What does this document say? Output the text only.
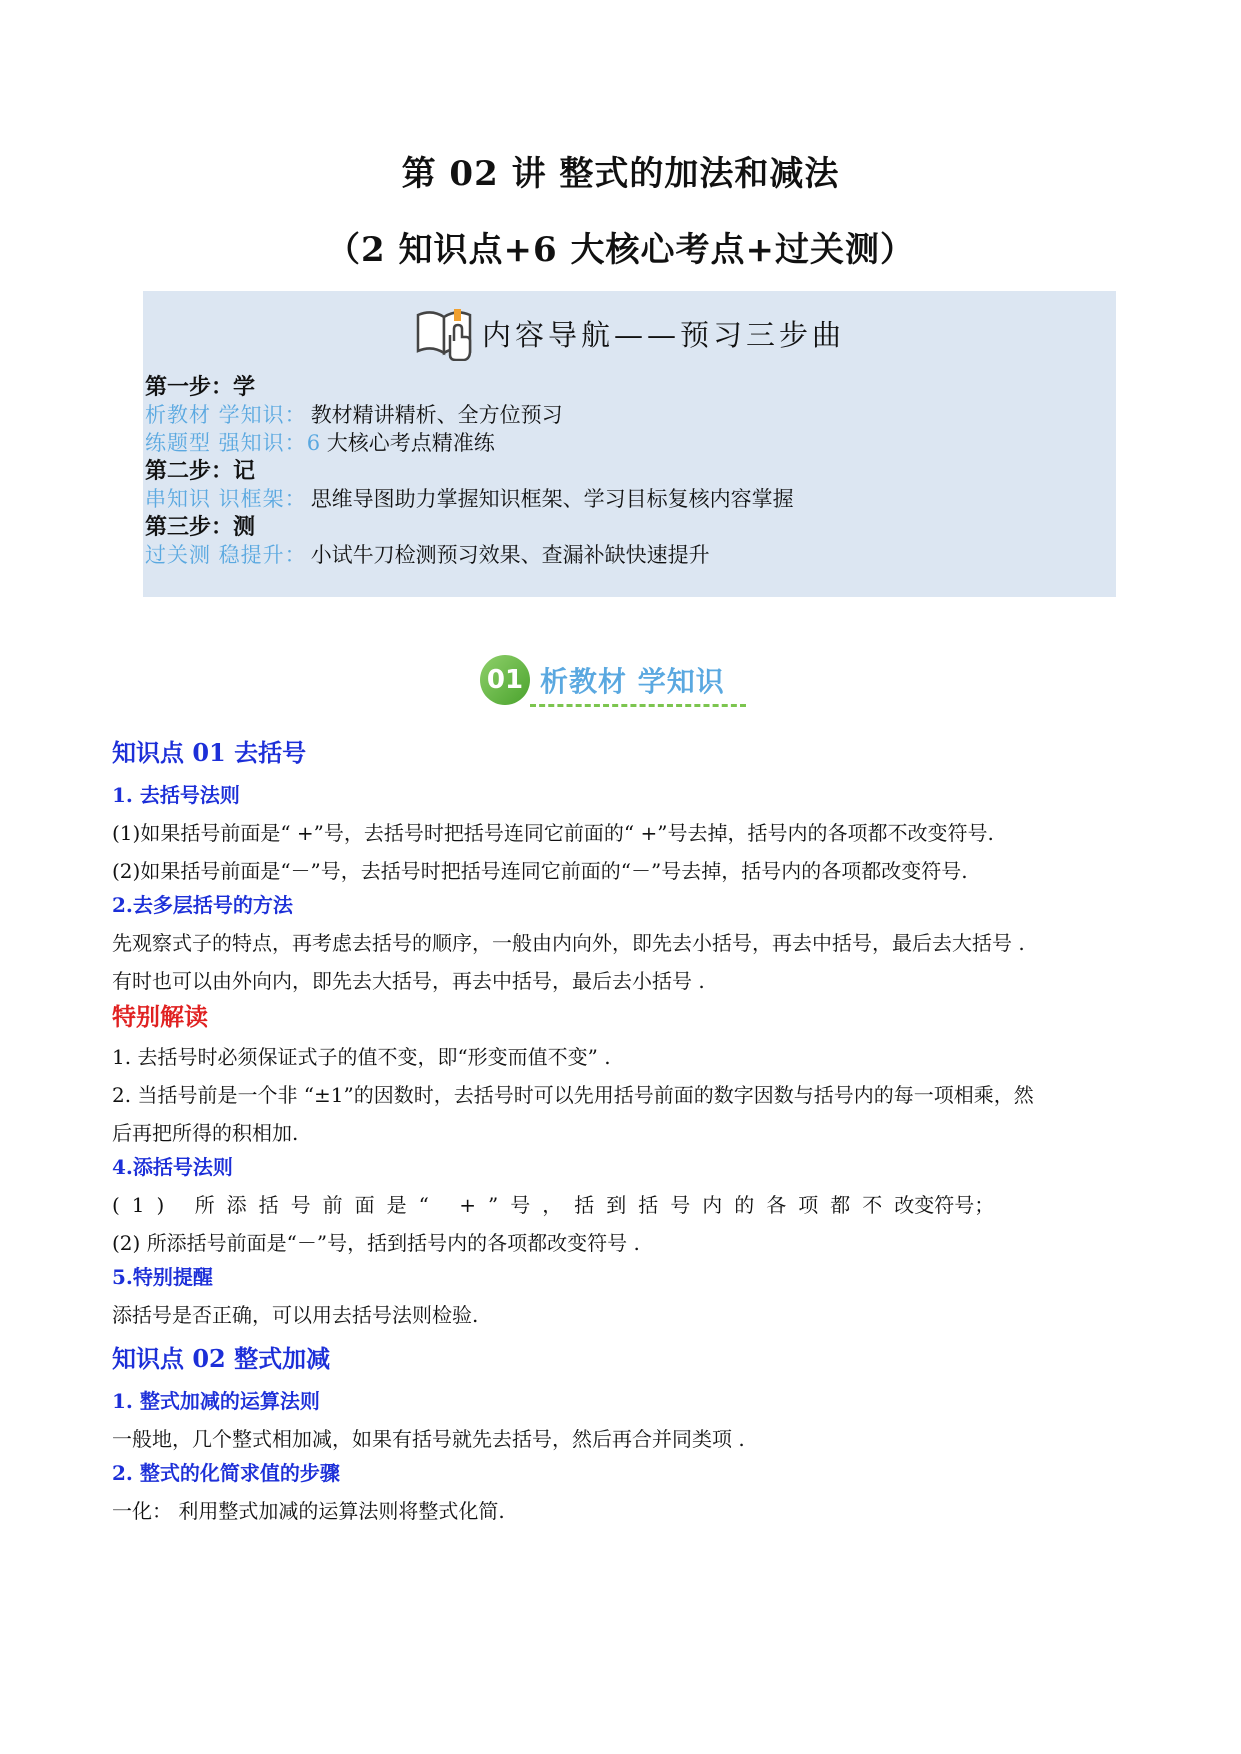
第 02 讲 整式的加法和减法
（2 知识点+6 大核心考点+过关测）
内容导航——预习三步曲
第一步：学
析教材 学知识： 教材精讲精析、全方位预习
练题型 强知识：6 大核心考点精准练
第二步：记
串知识 识框架： 思维导图助力掌握知识框架、学习目标复核内容掌握
第三步：测
过关测 稳提升： 小试牛刀检测预习效果、查漏补缺快速提升
01 析教材 学知识
知识点 01 去括号
1. 去括号法则
(1)如果括号前面是“ +”号，去括号时把括号连同它前面的“ +”号去掉，括号内的各项都不改变符号.
(2)如果括号前面是“－”号，去括号时把括号连同它前面的“－”号去掉，括号内的各项都改变符号.
2.去多层括号的方法
先观察式子的特点，再考虑去括号的顺序，一般由内向外，即先去小括号，再去中括号，最后去大括号 .
有时也可以由外向内，即先去大括号，再去中括号，最后去小括号 .
特别解读
1. 去括号时必须保证式子的值不变，即“形变而值不变” .
2. 当括号前是一个非 “±1”的因数时，去括号时可以先用括号前面的数字因数与括号内的每一项相乘，然
后再把所得的积相加.
4.添括号法则
(1) 所添括号前面是“ +”号，括到括号内的各项都不改变符号；
(2) 所添括号前面是“－”号，括到括号内的各项都改变符号 .
5.特别提醒
添括号是否正确，可以用去括号法则检验.
知识点 02 整式加减
1. 整式加减的运算法则
一般地，几个整式相加减，如果有括号就先去括号，然后再合并同类项 .
2. 整式的化简求值的步骤
一化： 利用整式加减的运算法则将整式化简.
